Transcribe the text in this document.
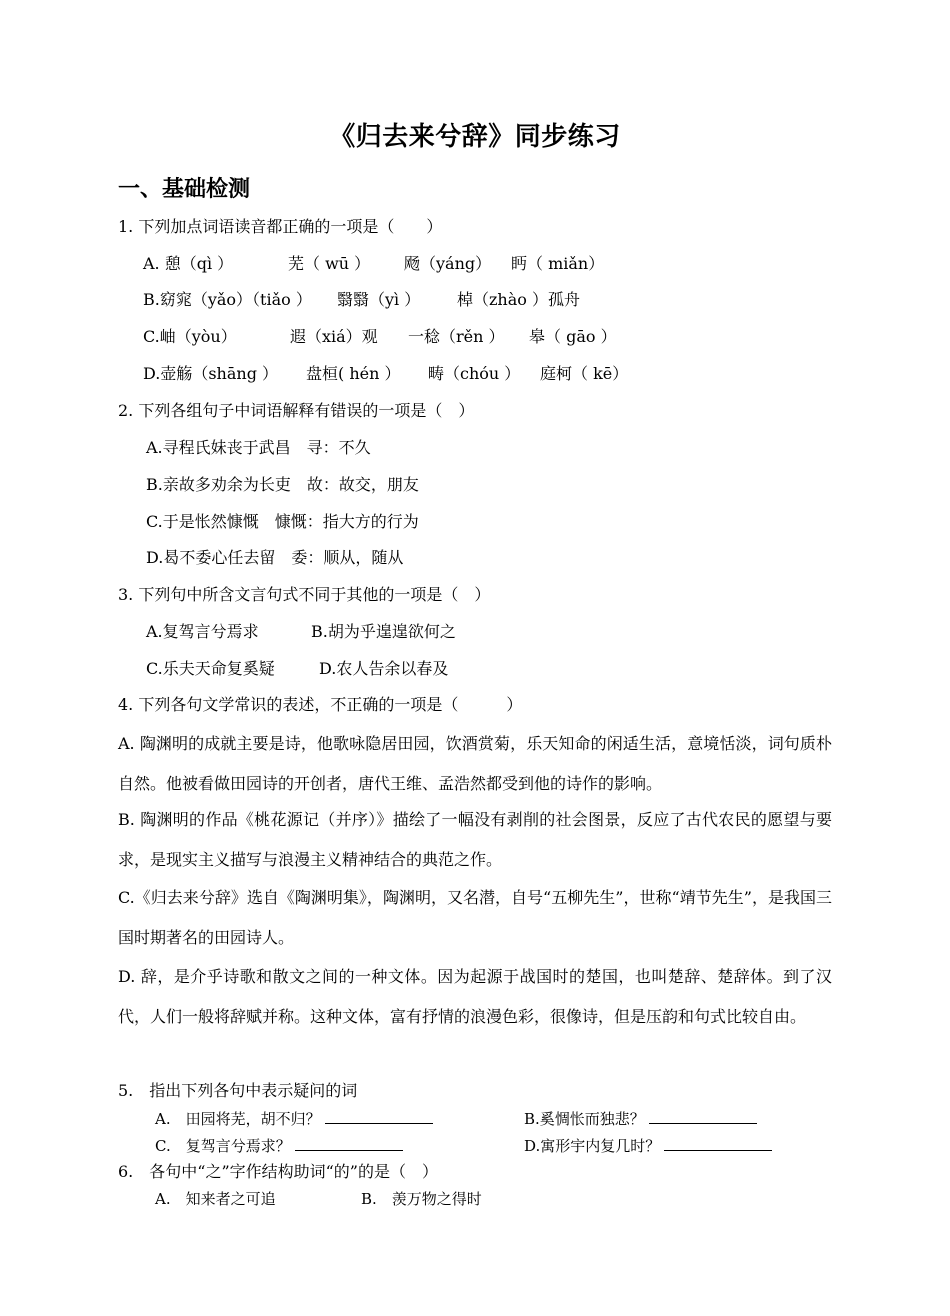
《归去来兮辞》同步练习
一、基础检测
1. 下列加点词语读音都正确的一项是（　　）
A. 憩（qì ）	芜（ wū ） 飏（yáng） 眄（ miǎn）
B.窈窕（yǎo）（tiǎo ） 翳翳（yì ） 棹（zhào ）孤舟
C.岫（yòu）	遐（xiá）观 一稔（rěn ） 皋（ gāo ）
D.壶觞（shāng ） 盘桓( hén ） 畴（chóu ） 庭柯（ kē）
2. 下列各组句子中词语解释有错误的一项是（　）
A.寻程氏妹丧于武昌　寻：不久
B.亲故多劝余为长吏　故：故交，朋友
C.于是怅然慷慨　慷慨：指大方的行为
D.曷不委心任去留　委：顺从，随从
3. 下列句中所含文言句式不同于其他的一项是（　）
A.复驾言兮焉求	B.胡为乎遑遑欲何之
C.乐夫天命复奚疑	D.农人告余以春及
4. 下列各句文学常识的表述，不正确的一项是（　　　）
A. 陶渊明的成就主要是诗，他歌咏隐居田园，饮酒赏菊，乐天知命的闲适生活，意境恬淡，词句质朴自然。他被看做田园诗的开创者，唐代王维、孟浩然都受到他的诗作的影响。
B. 陶渊明的作品《桃花源记（并序）》描绘了一幅没有剥削的社会图景，反应了古代农民的愿望与要求，是现实主义描写与浪漫主义精神结合的典范之作。
C.《归去来兮辞》选自《陶渊明集》，陶渊明，又名潜，自号“五柳先生”，世称“靖节先生”，是我国三国时期著名的田园诗人。
D. 辞，是介乎诗歌和散文之间的一种文体。因为起源于战国时的楚国，也叫楚辞、楚辞体。到了汉代，人们一般将辞赋并称。这种文体，富有抒情的浪漫色彩，很像诗，但是压韵和句式比较自由。
5.　指出下列各句中表示疑问的词
A.　田园将芜，胡不归？	B.奚惆怅而独悲？
C.　复驾言兮焉求？	D.寓形宇内复几时？
6.　各句中“之”字作结构助词“的”的是（　）
A.　知来者之可追	B.　羡万物之得时
